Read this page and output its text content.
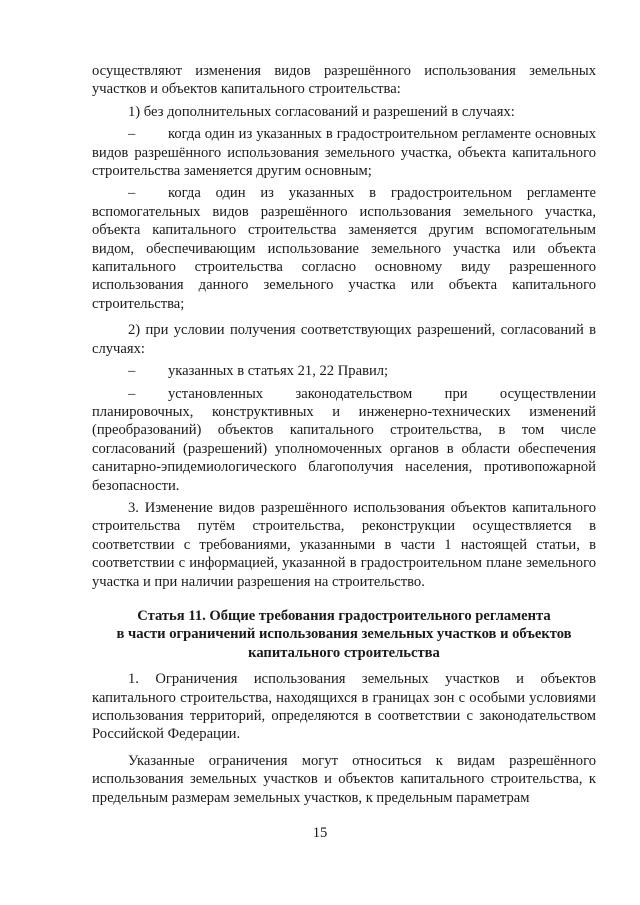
осуществляют изменения видов разрешённого использования земельных участков и объектов капитального строительства:

1) без дополнительных согласований и разрешений в случаях:

– когда один из указанных в градостроительном регламенте основных видов разрешённого использования земельного участка, объекта капитального строительства заменяется другим основным;

– когда один из указанных в градостроительном регламенте вспомогательных видов разрешённого использования земельного участка, объекта капитального строительства заменяется другим вспомогательным видом, обеспечивающим использование земельного участка или объекта капитального строительства согласно основному виду разрешенного использования данного земельного участка или объекта капитального строительства;

2) при условии получения соответствующих разрешений, согласований в случаях:

– указанных в статьях 21, 22 Правил;

– установленных законодательством при осуществлении планировочных, конструктивных и инженерно-технических изменений (преобразований) объектов капитального строительства, в том числе согласований (разрешений) уполномоченных органов в области обеспечения санитарно-эпидемиологического благополучия населения, противопожарной безопасности.

3. Изменение видов разрешённого использования объектов капитального строительства путём строительства, реконструкции осуществляется в соответствии с требованиями, указанными в части 1 настоящей статьи, в соответствии с информацией, указанной в градостроительном плане земельного участка и при наличии разрешения на строительство.

Статья 11. Общие требования градостроительного регламента
в части ограничений использования земельных участков и объектов
капитального строительства

1. Ограничения использования земельных участков и объектов капитального строительства, находящихся в границах зон с особыми условиями использования территорий, определяются в соответствии с законодательством Российской Федерации.

Указанные ограничения могут относиться к видам разрешённого использования земельных участков и объектов капитального строительства, к предельным размерам земельных участков, к предельным параметрам

15
